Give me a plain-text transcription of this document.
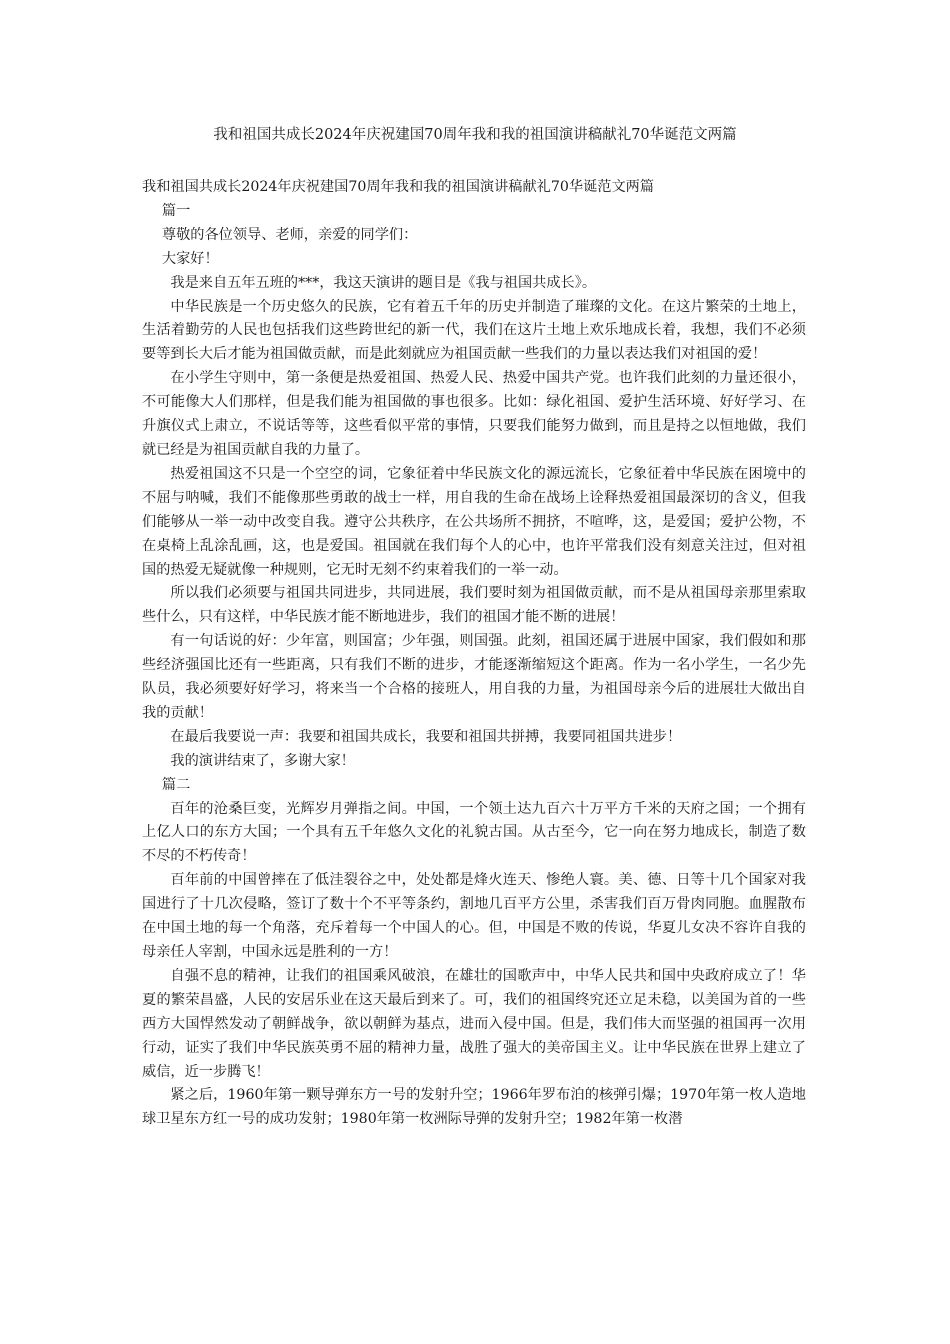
我和祖国共成长2024年庆祝建国70周年我和我的祖国演讲稿献礼70华诞范文两篇

我和祖国共成长2024年庆祝建国70周年我和我的祖国演讲稿献礼70华诞范文两篇

篇一

尊敬的各位领导、老师，亲爱的同学们：

大家好！

我是来自五年五班的***，我这天演讲的题目是《我与祖国共成长》。

中华民族是一个历史悠久的民族，它有着五千年的历史并制造了璀璨的文化。在这片繁荣的土地上，生活着勤劳的人民也包括我们这些跨世纪的新一代，我们在这片土地上欢乐地成长着，我想，我们不必须要等到长大后才能为祖国做贡献，而是此刻就应为祖国贡献一些我们的力量以表达我们对祖国的爱！

在小学生守则中，第一条便是热爱祖国、热爱人民、热爱中国共产党。也许我们此刻的力量还很小，不可能像大人们那样，但是我们能为祖国做的事也很多。比如：绿化祖国、爱护生活环境、好好学习、在升旗仪式上肃立，不说话等等，这些看似平常的事情，只要我们能努力做到，而且是持之以恒地做，我们就已经是为祖国贡献自我的力量了。

热爱祖国这不只是一个空空的词，它象征着中华民族文化的源远流长，它象征着中华民族在困境中的不屈与呐喊，我们不能像那些勇敢的战士一样，用自我的生命在战场上诠释热爱祖国最深切的含义，但我们能够从一举一动中改变自我。遵守公共秩序，在公共场所不拥挤，不喧哗，这，是爱国；爱护公物，不在桌椅上乱涂乱画，这，也是爱国。祖国就在我们每个人的心中，也许平常我们没有刻意关注过，但对祖国的热爱无疑就像一种规则，它无时无刻不约束着我们的一举一动。

所以我们必须要与祖国共同进步，共同进展，我们要时刻为祖国做贡献，而不是从祖国母亲那里索取些什么，只有这样，中华民族才能不断地进步，我们的祖国才能不断的进展！

有一句话说的好：少年富，则国富；少年强，则国强。此刻，祖国还属于进展中国家，我们假如和那些经济强国比还有一些距离，只有我们不断的进步，才能逐渐缩短这个距离。作为一名小学生，一名少先队员，我必须要好好学习，将来当一个合格的接班人，用自我的力量，为祖国母亲今后的进展壮大做出自我的贡献！

在最后我要说一声：我要和祖国共成长，我要和祖国共拼搏，我要同祖国共进步！

我的演讲结束了，多谢大家！

篇二

百年的沧桑巨变，光辉岁月弹指之间。中国，一个领土达九百六十万平方千米的天府之国；一个拥有上亿人口的东方大国；一个具有五千年悠久文化的礼貌古国。从古至今，它一向在努力地成长，制造了数不尽的不朽传奇！

百年前的中国曾摔在了低洼裂谷之中，处处都是烽火连天、惨绝人寰。美、德、日等十几个国家对我国进行了十几次侵略，签订了数十个不平等条约，割地几百平方公里，杀害我们百万骨肉同胞。血腥散布在中国土地的每一个角落，充斥着每一个中国人的心。但，中国是不败的传说，华夏儿女决不容许自我的母亲任人宰割，中国永远是胜利的一方！

自强不息的精神，让我们的祖国乘风破浪，在雄壮的国歌声中，中华人民共和国中央政府成立了！华夏的繁荣昌盛，人民的安居乐业在这天最后到来了。可，我们的祖国终究还立足未稳，以美国为首的一些西方大国悍然发动了朝鲜战争，欲以朝鲜为基点，进而入侵中国。但是，我们伟大而坚强的祖国再一次用行动，证实了我们中华民族英勇不屈的精神力量，战胜了强大的美帝国主义。让中华民族在世界上建立了威信，近一步腾飞！

紧之后，1960年第一颗导弹东方一号的发射升空；1966年罗布泊的核弹引爆；1970年第一枚人造地球卫星东方红一号的成功发射；1980年第一枚洲际导弹的发射升空；1982年第一枚潜
